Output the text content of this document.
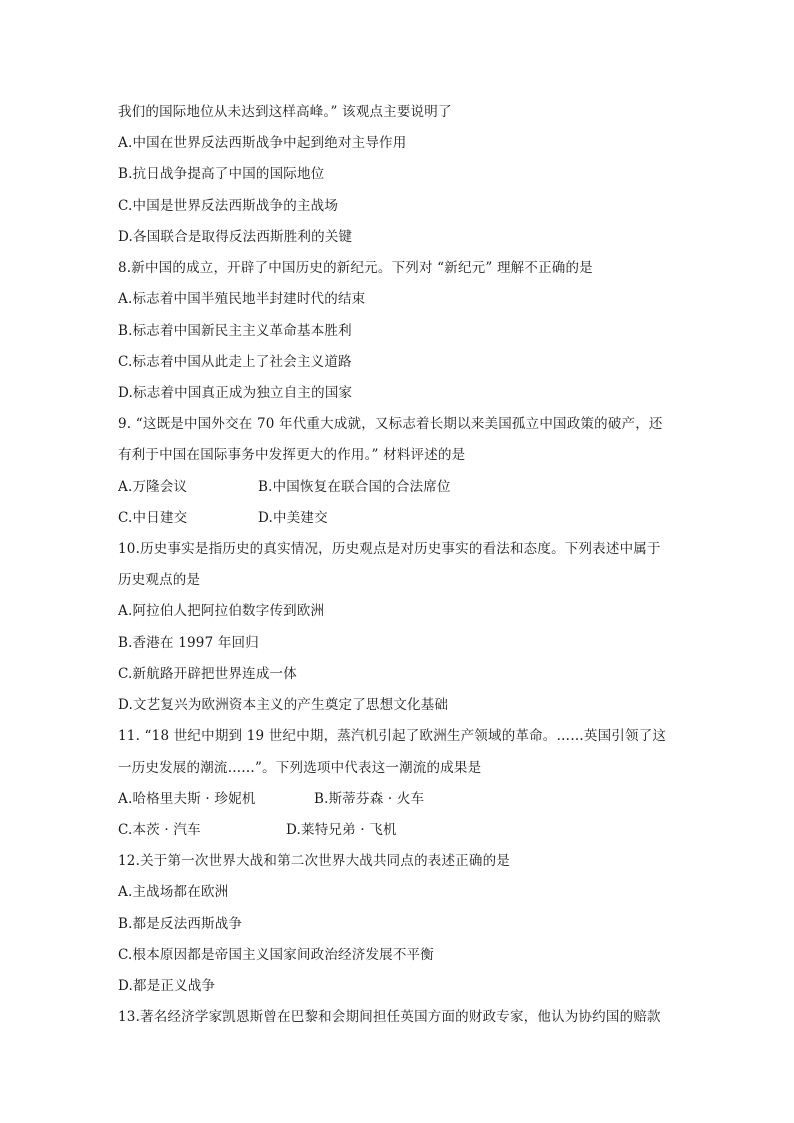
我们的国际地位从未达到这样高峰。” 该观点主要说明了
A.中国在世界反法西斯战争中起到绝对主导作用
B.抗日战争提高了中国的国际地位
C.中国是世界反法西斯战争的主战场
D.各国联合是取得反法西斯胜利的关键
8.新中国的成立，开辟了中国历史的新纪元。下列对 “新纪元” 理解不正确的是
A.标志着中国半殖民地半封建时代的结束
B.标志着中国新民主主义革命基本胜利
C.标志着中国从此走上了社会主义道路
D.标志着中国真正成为独立自主的国家
9. “这既是中国外交在 70 年代重大成就，又标志着长期以来美国孤立中国政策的破产，还
有利于中国在国际事务中发挥更大的作用。” 材料评述的是
A.万隆会议	B.中国恢复在联合国的合法席位
C.中日建交	D.中美建交
10.历史事实是指历史的真实情况，历史观点是对历史事实的看法和态度。下列表述中属于
历史观点的是
A.阿拉伯人把阿拉伯数字传到欧洲
B.香港在 1997 年回归
C.新航路开辟把世界连成一体
D.文艺复兴为欧洲资本主义的产生奠定了思想文化基础
11. “18 世纪中期到 19 世纪中期，蒸汽机引起了欧洲生产领域的革命。……英国引领了这
一历史发展的潮流……”。下列选项中代表这一潮流的成果是
A.哈格里夫斯 · 珍妮机	B.斯蒂芬森 · 火车
C.本茨 · 汽车	D.莱特兄弟 · 飞机
12.关于第一次世界大战和第二次世界大战共同点的表述正确的是
A.主战场都在欧洲
B.都是反法西斯战争
C.根本原因都是帝国主义国家间政治经济发展不平衡
D.都是正义战争
13.著名经济学家凯恩斯曾在巴黎和会期间担任英国方面的财政专家，他认为协约国的赔款
